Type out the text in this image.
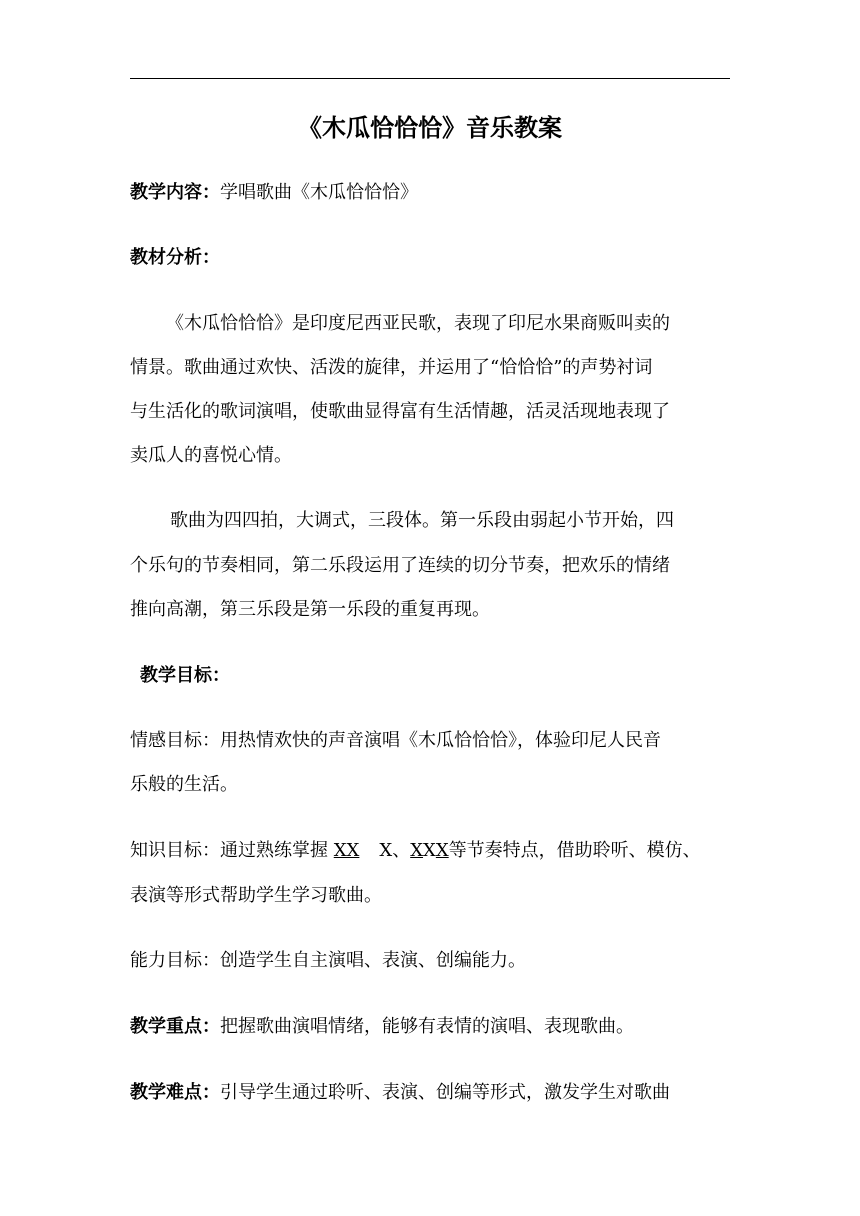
《木瓜恰恰恰》音乐教案
教学内容：学唱歌曲《木瓜恰恰恰》
教材分析：
《木瓜恰恰恰》是印度尼西亚民歌，表现了印尼水果商贩叫卖的
情景。歌曲通过欢快、活泼的旋律，并运用了“恰恰恰”的声势衬词
与生活化的歌词演唱，使歌曲显得富有生活情趣，活灵活现地表现了
卖瓜人的喜悦心情。
歌曲为四四拍，大调式，三段体。第一乐段由弱起小节开始，四
个乐句的节奏相同，第二乐段运用了连续的切分节奏，把欢乐的情绪
推向高潮，第三乐段是第一乐段的重复再现。
教学目标：
情感目标：用热情欢快的声音演唱《木瓜恰恰恰》，体验印尼人民音
乐般的生活。
知识目标：通过熟练掌握 XX X、XXX等节奏特点，借助聆听、模仿、
表演等形式帮助学生学习歌曲。
能力目标：创造学生自主演唱、表演、创编能力。
教学重点：把握歌曲演唱情绪，能够有表情的演唱、表现歌曲。
教学难点：引导学生通过聆听、表演、创编等形式，激发学生对歌曲
